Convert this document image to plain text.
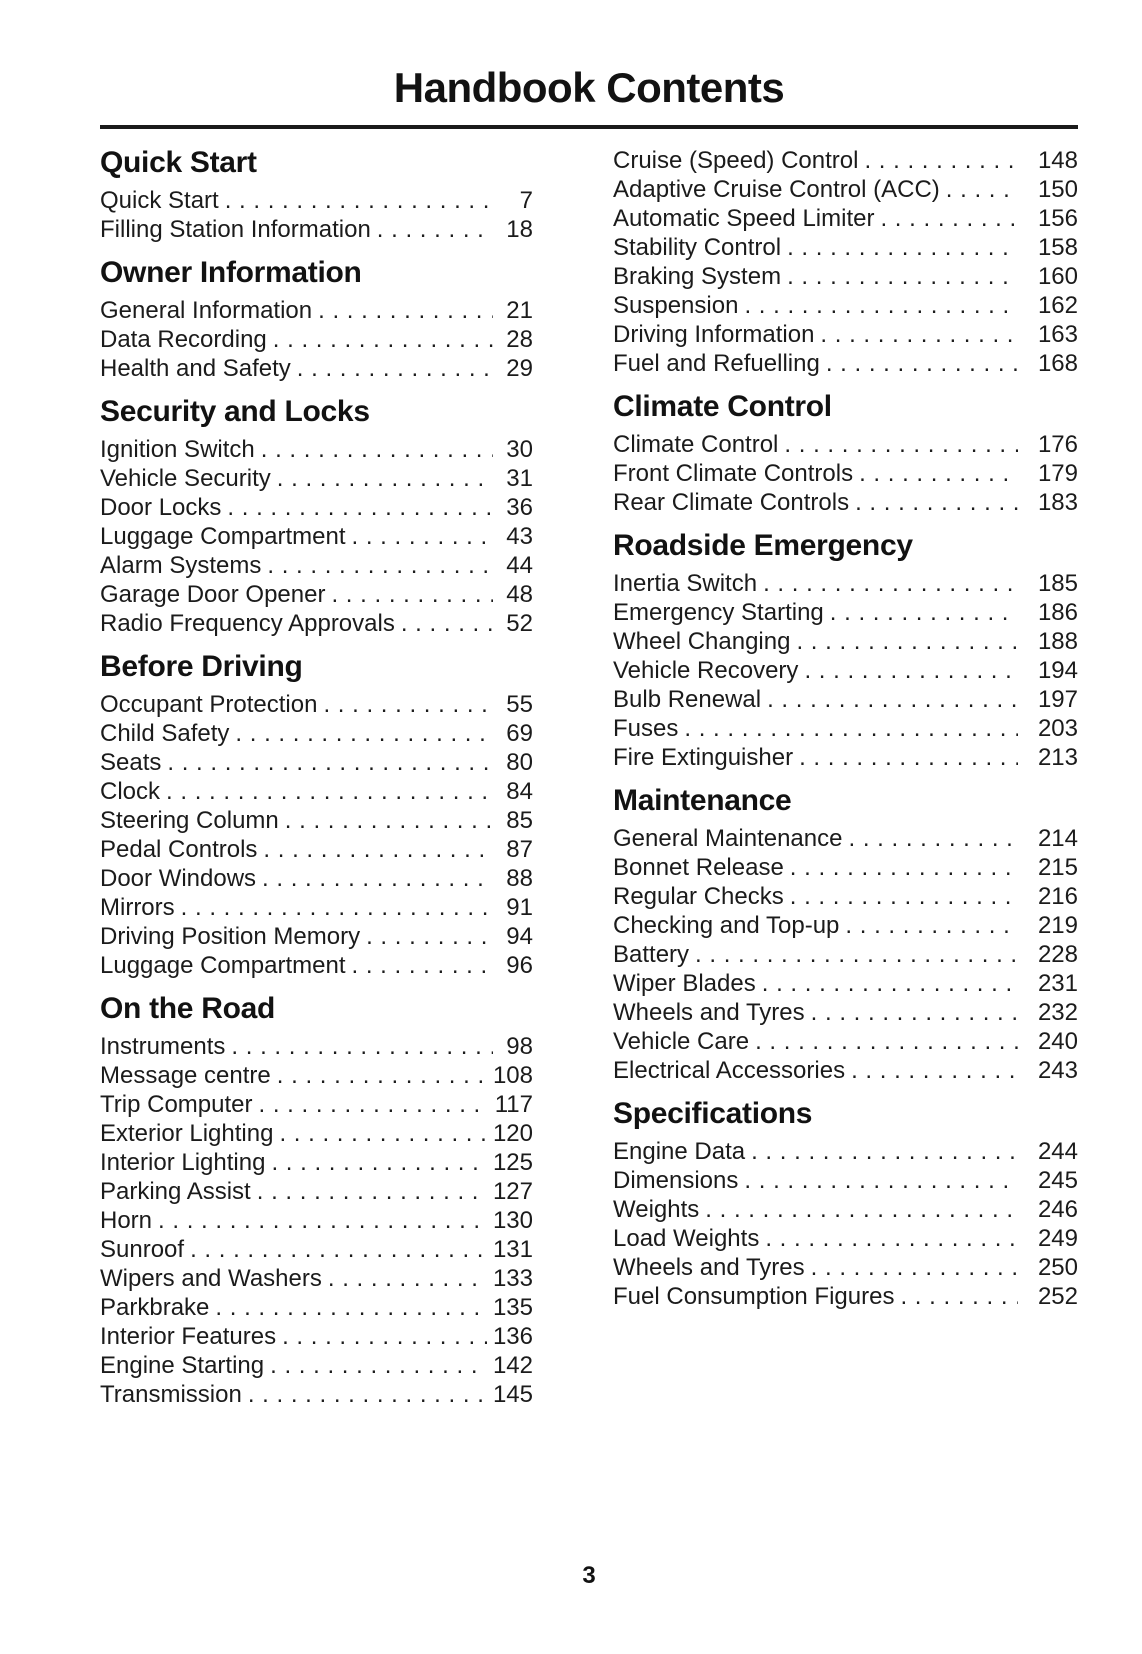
Handbook Contents
Quick Start
Quick Start . . .	7
Filling Station Information . . .	18
Owner Information
General Information . . .	21
Data Recording . . .	28
Health and Safety . . .	29
Security and Locks
Ignition Switch . . .	30
Vehicle Security . . .	31
Door Locks . . .	36
Luggage Compartment . . .	43
Alarm Systems . . .	44
Garage Door Opener . . .	48
Radio Frequency Approvals . . .	52
Before Driving
Occupant Protection . . .	55
Child Safety . . .	69
Seats . . .	80
Clock . . .	84
Steering Column . . .	85
Pedal Controls . . .	87
Door Windows . . .	88
Mirrors . . .	91
Driving Position Memory . . .	94
Luggage Compartment . . .	96
On the Road
Instruments . . .	98
Message centre . . .	108
Trip Computer . . .	117
Exterior Lighting . . .	120
Interior Lighting . . .	125
Parking Assist . . .	127
Horn . . .	130
Sunroof . . .	131
Wipers and Washers . . .	133
Parkbrake . . .	135
Interior Features . . .	136
Engine Starting . . .	142
Transmission . . .	145
Cruise (Speed) Control . . .	148
Adaptive Cruise Control (ACC) . . .	150
Automatic Speed Limiter . . .	156
Stability Control . . .	158
Braking System . . .	160
Suspension . . .	162
Driving Information . . .	163
Fuel and Refuelling . . .	168
Climate Control
Climate Control . . .	176
Front Climate Controls . . .	179
Rear Climate Controls . . .	183
Roadside Emergency
Inertia Switch . . .	185
Emergency Starting . . .	186
Wheel Changing . . .	188
Vehicle Recovery . . .	194
Bulb Renewal . . .	197
Fuses . . .	203
Fire Extinguisher . . .	213
Maintenance
General Maintenance . . .	214
Bonnet Release . . .	215
Regular Checks . . .	216
Checking and Top-up . . .	219
Battery . . .	228
Wiper Blades . . .	231
Wheels and Tyres . . .	232
Vehicle Care . . .	240
Electrical Accessories . . .	243
Specifications
Engine Data . . .	244
Dimensions . . .	245
Weights . . .	246
Load Weights . . .	249
Wheels and Tyres . . .	250
Fuel Consumption Figures . . .	252
3
